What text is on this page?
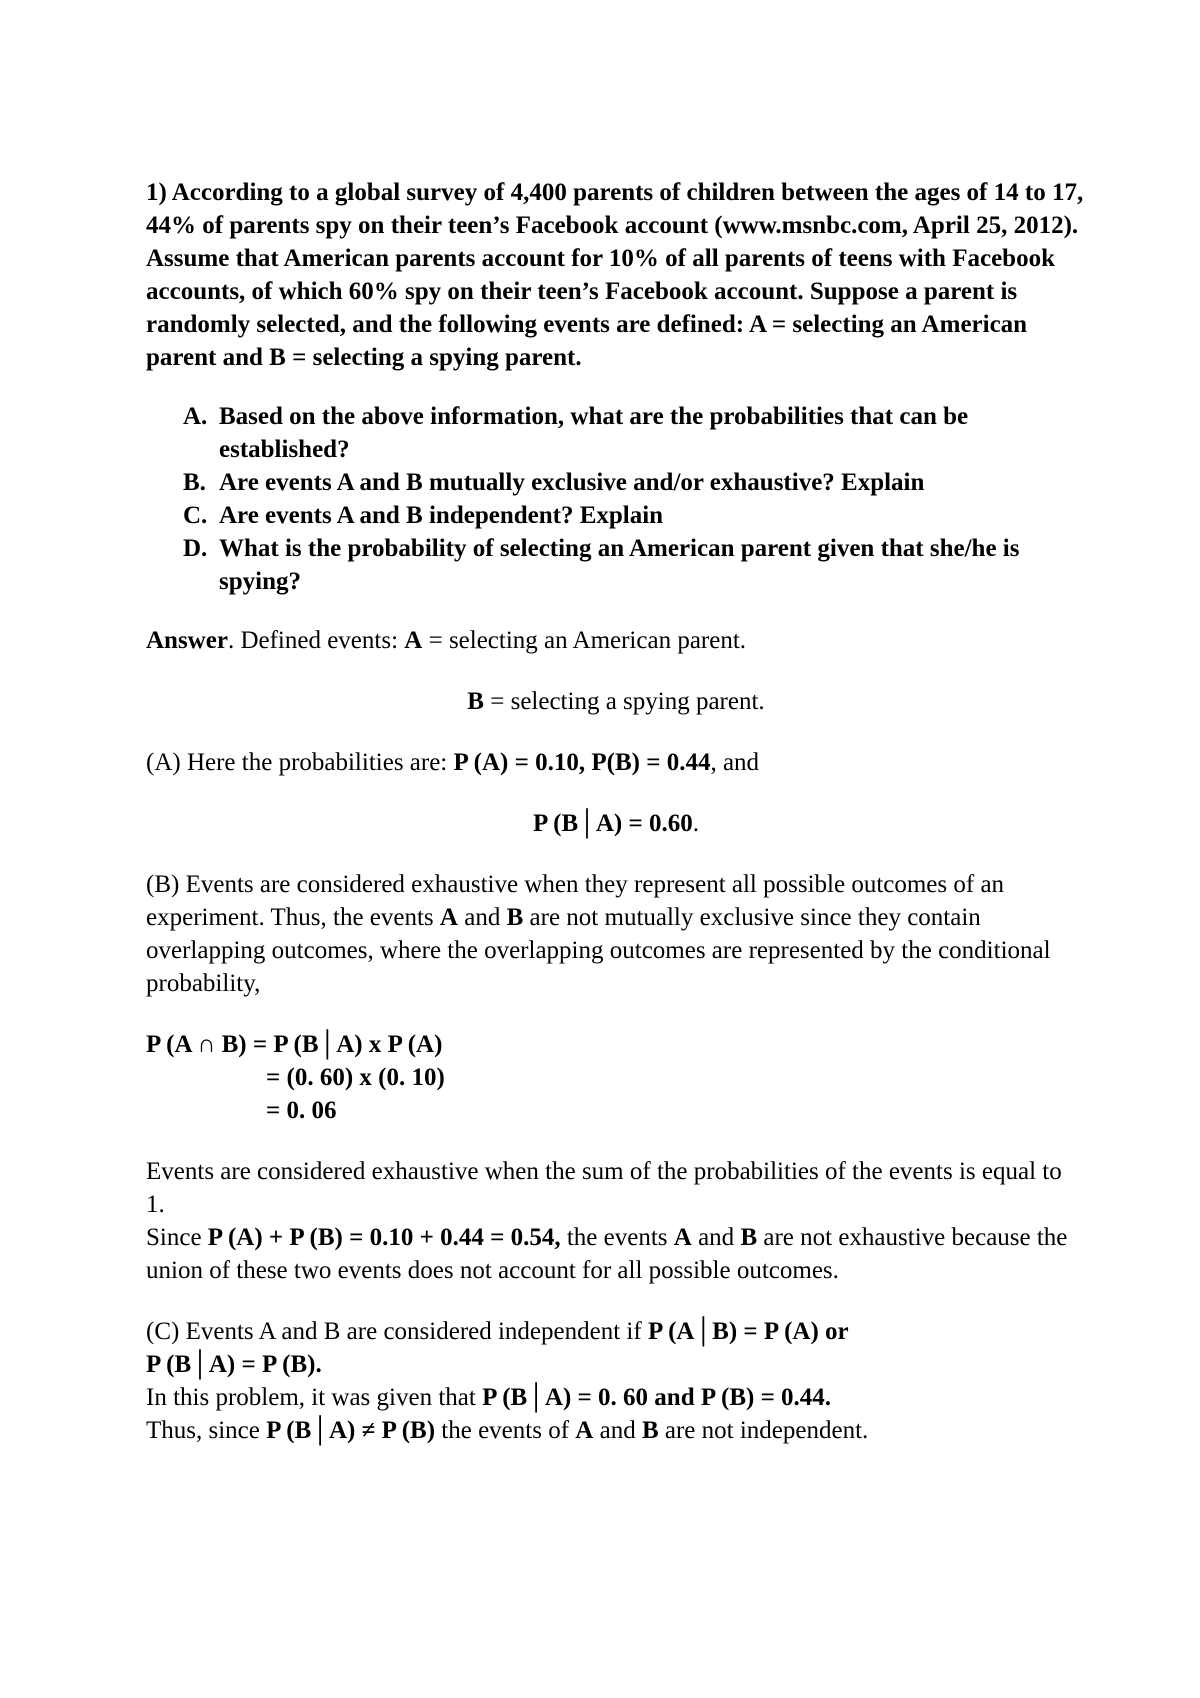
1) According to a global survey of 4,400 parents of children between the ages of 14 to 17, 44% of parents spy on their teen’s Facebook account (www.msnbc.com, April 25, 2012). Assume that American parents account for 10% of all parents of teens with Facebook accounts, of which 60% spy on their teen’s Facebook account. Suppose a parent is randomly selected, and the following events are defined: A = selecting an American parent and B = selecting a spying parent.

A. Based on the above information, what are the probabilities that can be established?
B. Are events A and B mutually exclusive and/or exhaustive? Explain
C. Are events A and B independent? Explain
D. What is the probability of selecting an American parent given that she/he is spying?

Answer. Defined events: A = selecting an American parent.

B = selecting a spying parent.

(A) Here the probabilities are: P (A) = 0.10, P(B) = 0.44, and

P (B│A) = 0.60.

(B) Events are considered exhaustive when they represent all possible outcomes of an experiment. Thus, the events A and B are not mutually exclusive since they contain overlapping outcomes, where the overlapping outcomes are represented by the conditional probability,

P (A ∩ B) = P (B│A) x P (A)
= (0. 60) x (0. 10)
= 0. 06

Events are considered exhaustive when the sum of the probabilities of the events is equal to 1.

Since P (A) + P (B) = 0.10 + 0.44 = 0.54, the events A and B are not exhaustive because the union of these two events does not account for all possible outcomes.

(C) Events A and B are considered independent if P (A│B) = P (A) or
P (B│A) = P (B).

In this problem, it was given that P (B│A) = 0. 60 and P (B) = 0.44.

Thus, since P (B│A) ≠ P (B) the events of A and B are not independent.
